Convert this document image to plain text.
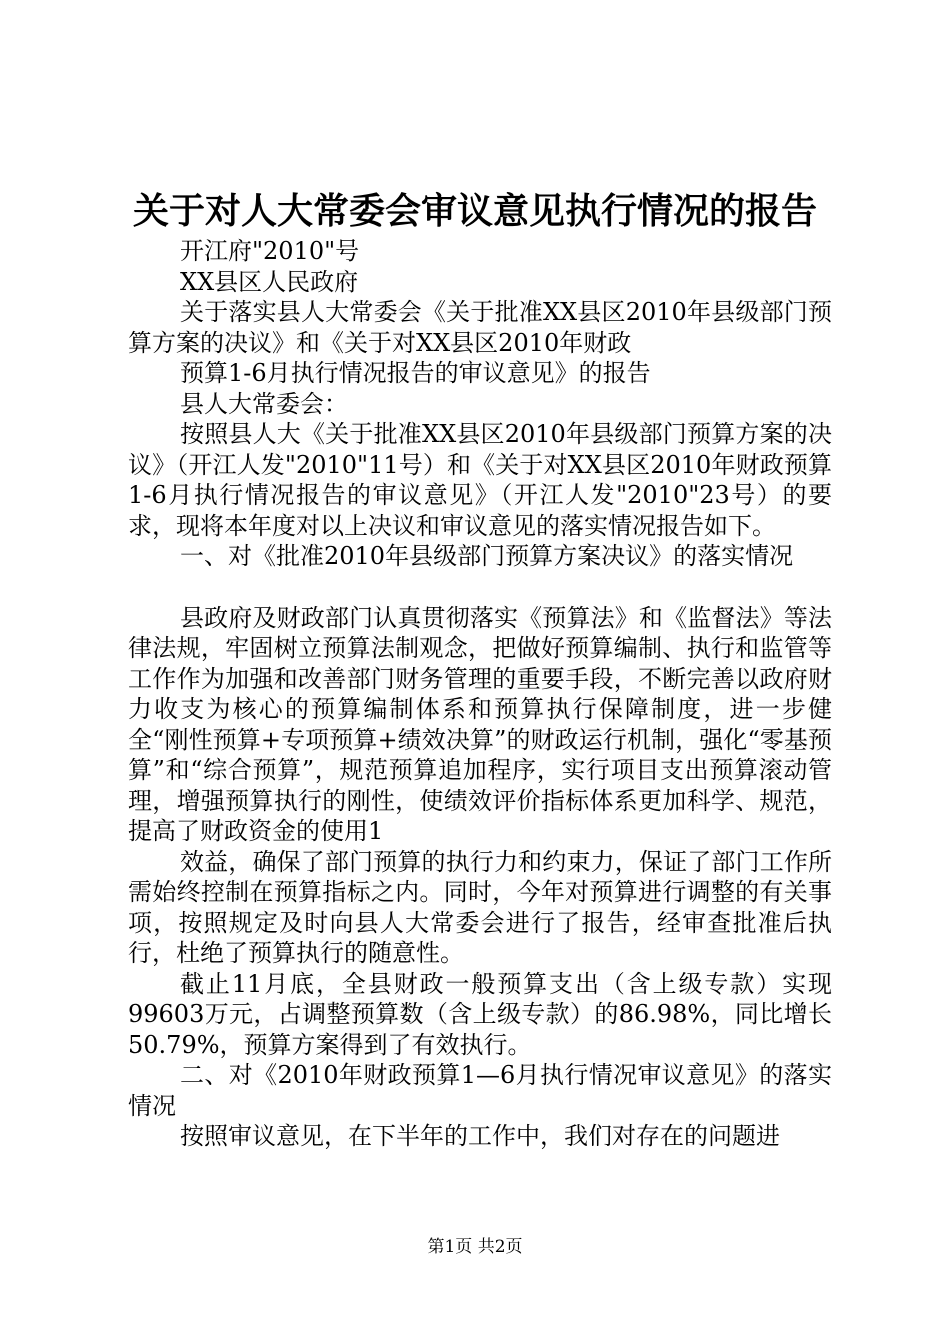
关于对人大常委会审议意见执行情况的报告

开江府"2010"号

XX县区人民政府

关于落实县人大常委会《关于批准XX县区2010年县级部门预算方案的决议》和《关于对XX县区2010年财政

预算1-6月执行情况报告的审议意见》的报告

县人大常委会：

按照县人大《关于批准XX县区2010年县级部门预算方案的决议》（开江人发"2010"11号）和《关于对XX县区2010年财政预算1-6月执行情况报告的审议意见》（开江人发"2010"23号）的要求，现将本年度对以上决议和审议意见的落实情况报告如下。

一、对《批准2010年县级部门预算方案决议》的落实情况

县政府及财政部门认真贯彻落实《预算法》和《监督法》等法律法规，牢固树立预算法制观念，把做好预算编制、执行和监管等工作作为加强和改善部门财务管理的重要手段，不断完善以政府财力收支为核心的预算编制体系和预算执行保障制度，进一步健全“刚性预算+专项预算+绩效决算”的财政运行机制，强化“零基预算”和“综合预算”，规范预算追加程序，实行项目支出预算滚动管理，增强预算执行的刚性，使绩效评价指标体系更加科学、规范，提高了财政资金的使用1

效益，确保了部门预算的执行力和约束力，保证了部门工作所需始终控制在预算指标之内。同时，今年对预算进行调整的有关事项，按照规定及时向县人大常委会进行了报告，经审查批准后执行，杜绝了预算执行的随意性。

截止11月底，全县财政一般预算支出（含上级专款）实现99603万元，占调整预算数（含上级专款）的86.98%，同比增长50.79%，预算方案得到了有效执行。

二、对《2010年财政预算1—6月执行情况审议意见》的落实情况

按照审议意见，在下半年的工作中，我们对存在的问题进

第1页 共2页
